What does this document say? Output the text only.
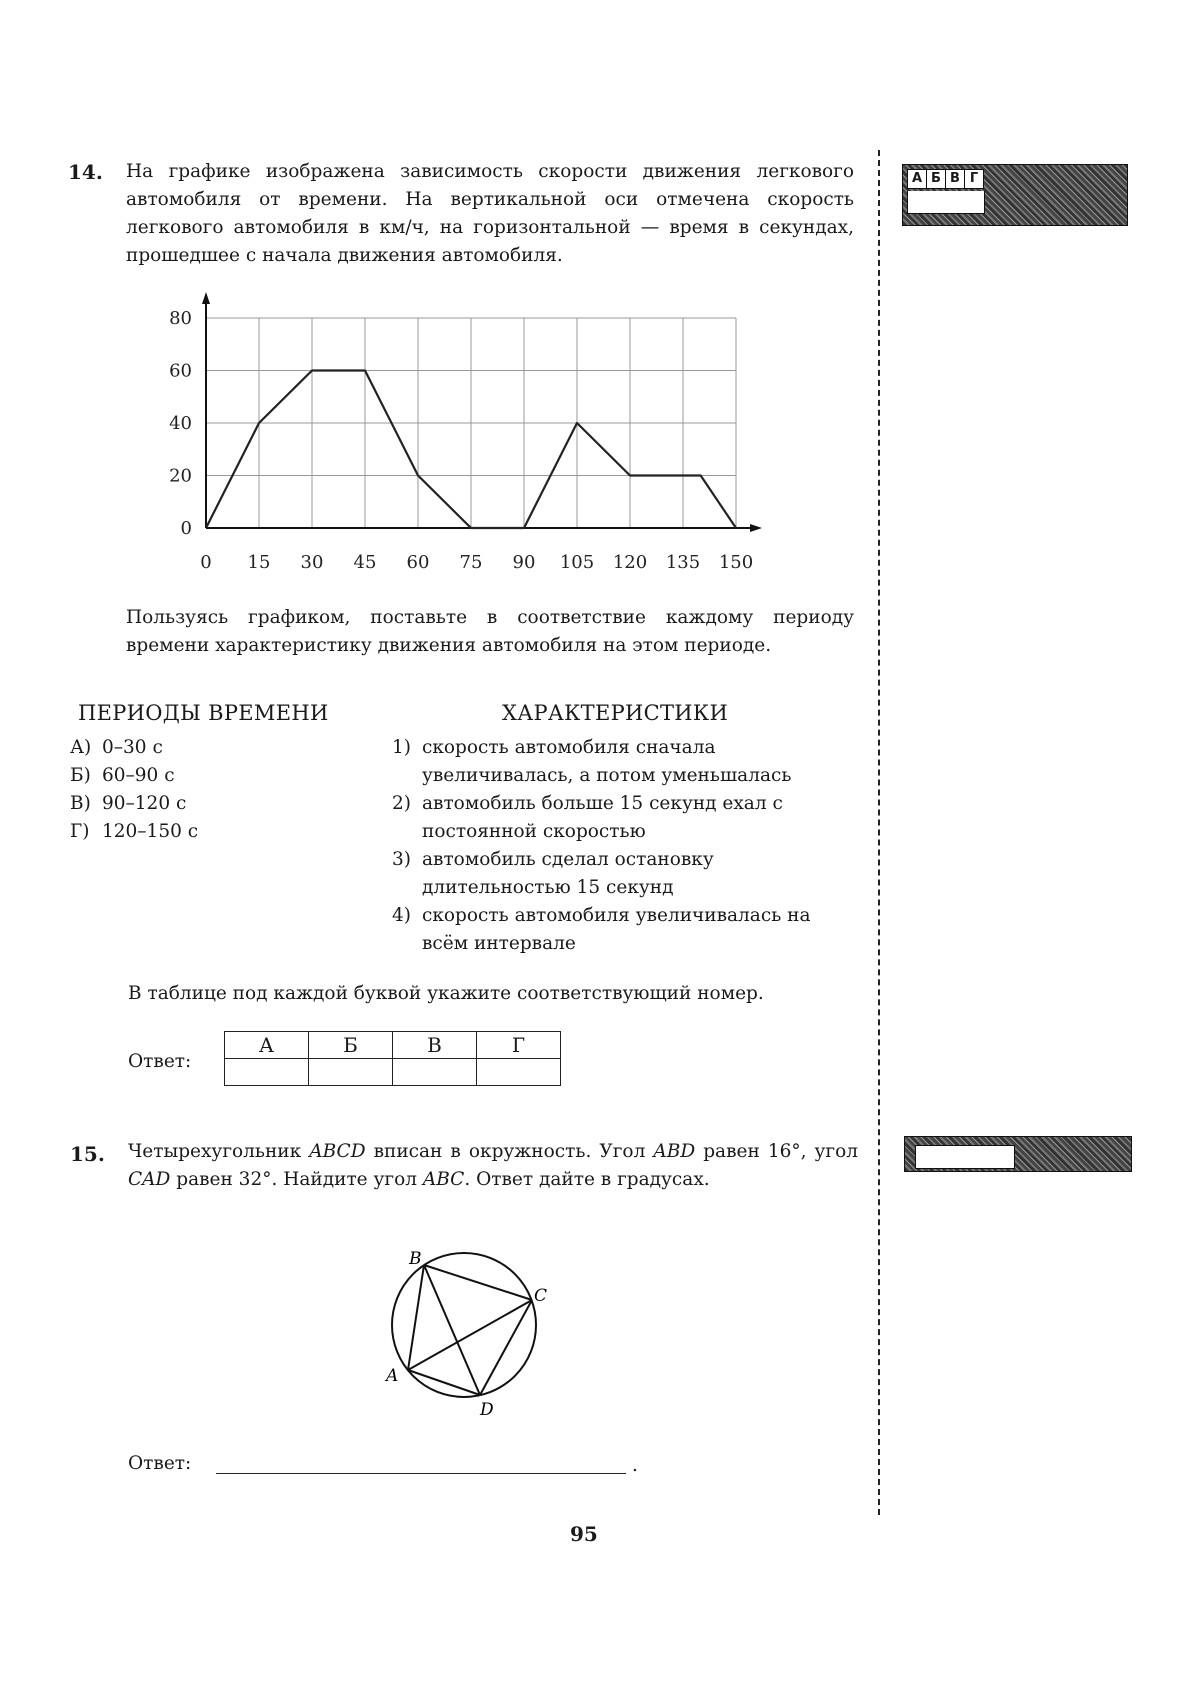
14. На графике изображена зависимость скорости движения легкового автомобиля от времени. На вертикальной оси отмечена скорость легкового автомобиля в км/ч, на горизонтальной — время в секундах, прошедшее с начала движения автомобиля.
0
20
40
60
80
0 15 30 45 60 75 90 105 120 135 150
Пользуясь графиком, поставьте в соответствие каждому периоду времени характеристику движения автомобиля на этом периоде.
ПЕРИОДЫ ВРЕМЕНИ	ХАРАКТЕРИСТИКИ
А) 0–30 с
Б) 60–90 с
В) 90–120 с
Г) 120–150 с
1) скорость автомобиля сначала увеличивалась, а потом уменьшалась
2) автомобиль больше 15 секунд ехал с постоянной скоростью
3) автомобиль сделал остановку длительностью 15 секунд
4) скорость автомобиля увеличивалась на всём интервале
В таблице под каждой буквой укажите соответствующий номер.
Ответ:
А	Б	В	Г

15. Четырехугольник ABCD вписан в окружность. Угол ABD равен 16°, угол CAD равен 32°. Найдите угол ABC. Ответ дайте в градусах.
B
C
A
D
Ответ:	.
95
А Б В Г
